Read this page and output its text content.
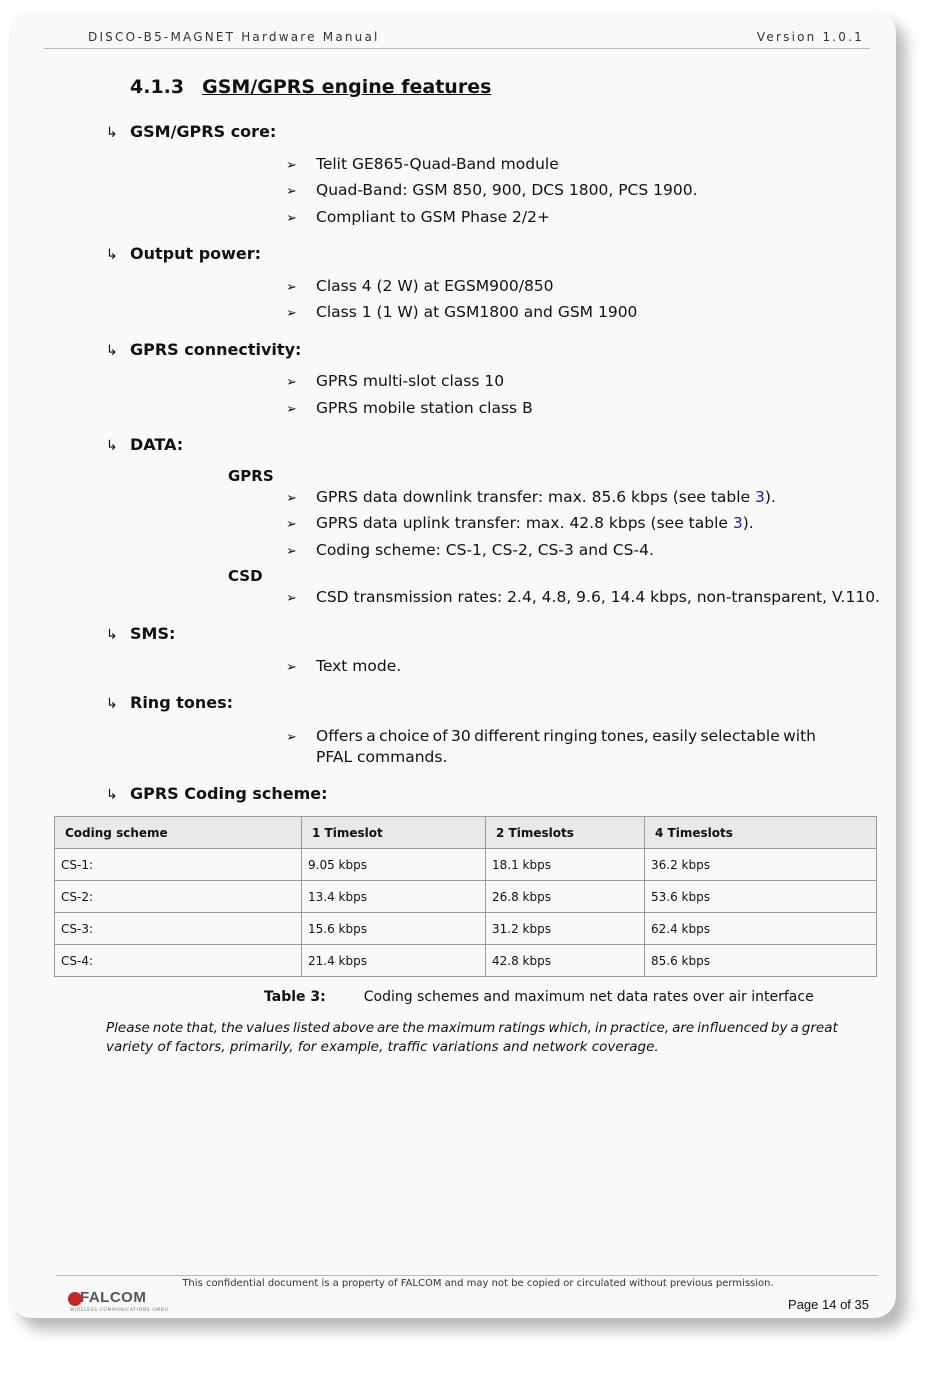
DISCO-B5-MAGNET Hardware Manual	Version 1.0.1
4.1.3 GSM/GPRS engine features
↳ GSM/GPRS core:
➢ Telit GE865-Quad-Band module
➢ Quad-Band: GSM 850, 900, DCS 1800, PCS 1900.
➢ Compliant to GSM Phase 2/2+
↳ Output power:
➢ Class 4 (2 W) at EGSM900/850
➢ Class 1 (1 W) at GSM1800 and GSM 1900
↳ GPRS connectivity:
➢ GPRS multi-slot class 10
➢ GPRS mobile station class B
↳ DATA:
GPRS
➢ GPRS data downlink transfer: max. 85.6 kbps (see table 3).
➢ GPRS data uplink transfer: max. 42.8 kbps (see table 3).
➢ Coding scheme: CS-1, CS-2, CS-3 and CS-4.
CSD
➢ CSD transmission rates: 2.4, 4.8, 9.6, 14.4 kbps, non-transparent, V.110.
↳ SMS:
➢ Text mode.
↳ Ring tones:
➢	Offers a choice of 30 different ringing tones, easily selectable with
PFAL commands.
↳ GPRS Coding scheme:
Coding scheme	1 Timeslot	2 Timeslots	4 Timeslots
CS-1:	9.05 kbps	18.1 kbps	36.2 kbps
CS-2:	13.4 kbps	26.8 kbps	53.6 kbps
CS-3:	15.6 kbps	31.2 kbps	62.4 kbps
CS-4:	21.4 kbps	42.8 kbps	85.6 kbps
Table 3:	Coding schemes and maximum net data rates over air interface
Please note that, the values listed above are the maximum ratings which, in practice, are influenced by a great
variety of factors, primarily, for example, traffic variations and network coverage.
This confidential document is a property of FALCOM and may not be copied or circulated without previous permission.
FALCOM
WIRELESS COMMUNICATIONS GMBH	Page 14 of 35
